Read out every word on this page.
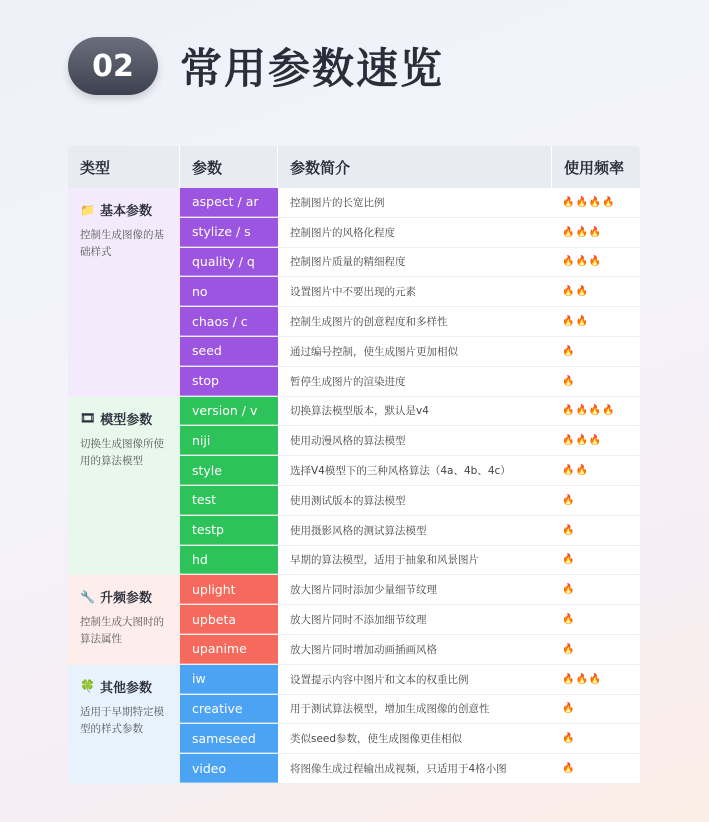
02	常用参数速览
类型	参数	参数简介	使用频率
📁 基本参数
控制生成图像的基础样式
aspect / ar	控制图片的长宽比例	🔥🔥🔥🔥
stylize / s	控制图片的风格化程度	🔥🔥🔥
quality / q	控制图片质量的精细程度	🔥🔥🔥
no	设置图片中不要出现的元素	🔥🔥
chaos / c	控制生成图片的创意程度和多样性	🔥🔥
seed	通过编号控制，使生成图片更加相似	🔥
stop	暂停生成图片的渲染进度	🔥
🎞 模型参数
切换生成图像所使用的算法模型
version / v	切换算法模型版本，默认是v4	🔥🔥🔥🔥
niji	使用动漫风格的算法模型	🔥🔥🔥
style	选择V4模型下的三种风格算法（4a、4b、4c）	🔥🔥
test	使用测试版本的算法模型	🔥
testp	使用摄影风格的测试算法模型	🔥
hd	早期的算法模型，适用于抽象和风景图片	🔥
🔧 升频参数
控制生成大图时的算法属性
uplight	放大图片同时添加少量细节纹理	🔥
upbeta	放大图片同时不添加细节纹理	🔥
upanime	放大图片同时增加动画插画风格	🔥
🍀 其他参数
适用于早期特定模型的样式参数
iw	设置提示内容中图片和文本的权重比例	🔥🔥🔥
creative	用于测试算法模型，增加生成图像的创意性	🔥
sameseed	类似seed参数，使生成图像更佳相似	🔥
video	将图像生成过程输出成视频，只适用于4格小图	🔥
